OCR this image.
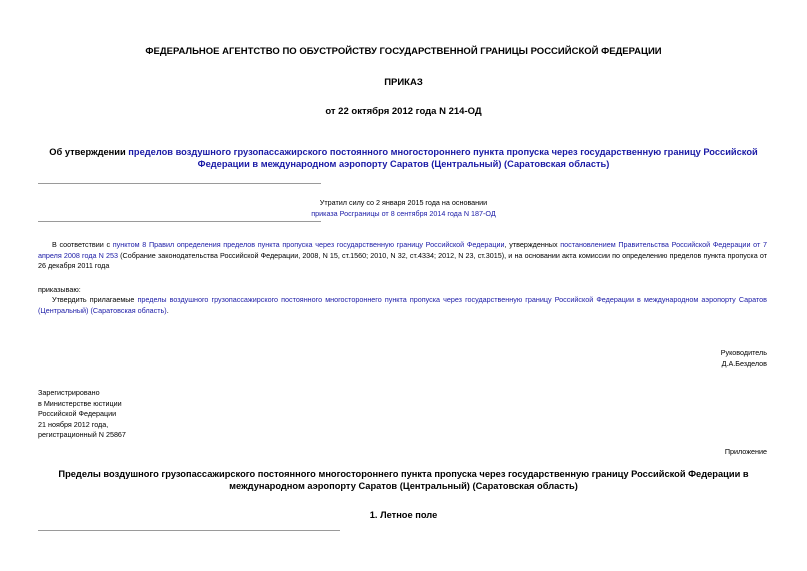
ФЕДЕРАЛЬНОЕ АГЕНТСТВО ПО ОБУСТРОЙСТВУ ГОСУДАРСТВЕННОЙ ГРАНИЦЫ РОССИЙСКОЙ ФЕДЕРАЦИИ
ПРИКАЗ
от 22 октября 2012 года N 214-ОД
Об утверждении пределов воздушного грузопассажирского постоянного многостороннего пункта пропуска через государственную границу Российской
Федерации в международном аэропорту Саратов (Центральный) (Саратовская область)
Утратил силу со 2 января 2015 года на основании
приказа Росграницы от 8 сентября 2014 года N 187-ОД
В соответствии с пунктом 8 Правил определения пределов пункта пропуска через государственную границу Российской Федерации, утвержденных постановлением Правительства Российской Федерации от 7 апреля 2008 года N 253 (Собрание законодательства Российской Федерации, 2008, N 15, ст.1560; 2010, N 32, ст.4334; 2012, N 23, ст.3015), и на основании акта комиссии по определению пределов пункта пропуска от 26 декабря 2011 года
приказываю:
Утвердить прилагаемые пределы воздушного грузопассажирского постоянного многостороннего пункта пропуска через государственную границу Российской Федерации в международном аэропорту Саратов (Центральный) (Саратовская область).
Руководитель
Д.А.Безделов
Зарегистрировано
в Министерстве юстиции
Российской Федерации
21 ноября 2012 года,
регистрационный N 25867
Приложение
Пределы воздушного грузопассажирского постоянного многостороннего пункта пропуска через государственную границу Российской Федерации в
международном аэропорту Саратов (Центральный) (Саратовская область)
1. Летное поле
